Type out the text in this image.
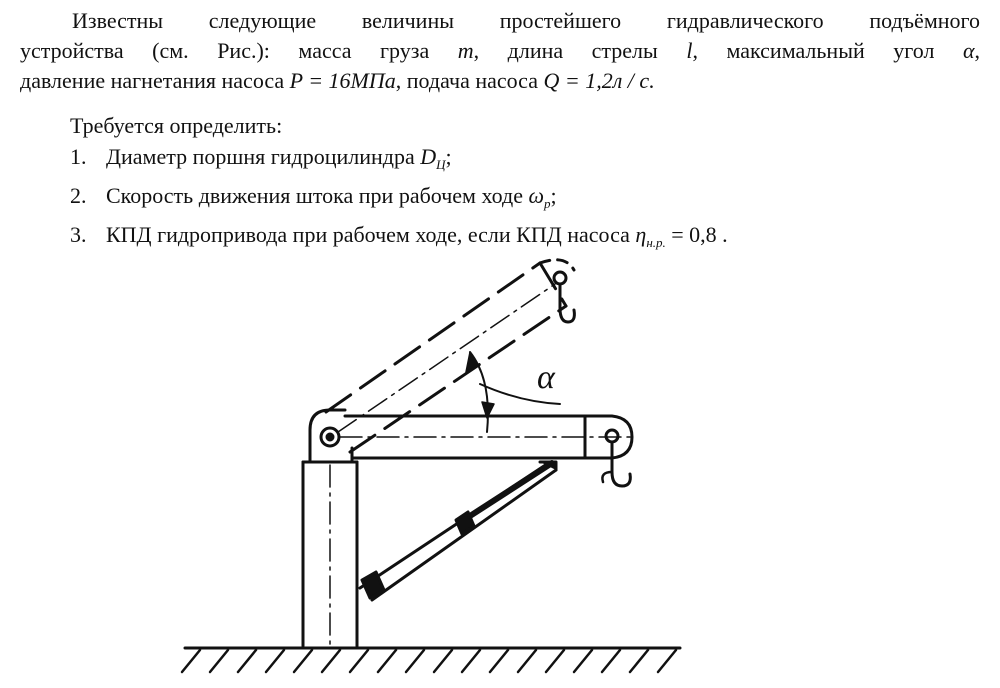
Известны следующие величины простейшего гидравлического подъёмного
устройства (см. Рис.): масса груза m, длина стрелы l, максимальный угол α,
давление нагнетания насоса P = 16МПа, подача насоса Q = 1,2л / с.
Требуется определить:
1. Диаметр поршня гидроцилиндра $D_Ц$;
2. Скорость движения штока при рабочем ходе $\omega_p$;
3. КПД гидропривода при рабочем ходе, если КПД насоса $\eta_{н.р.} = 0,8$ .
α
